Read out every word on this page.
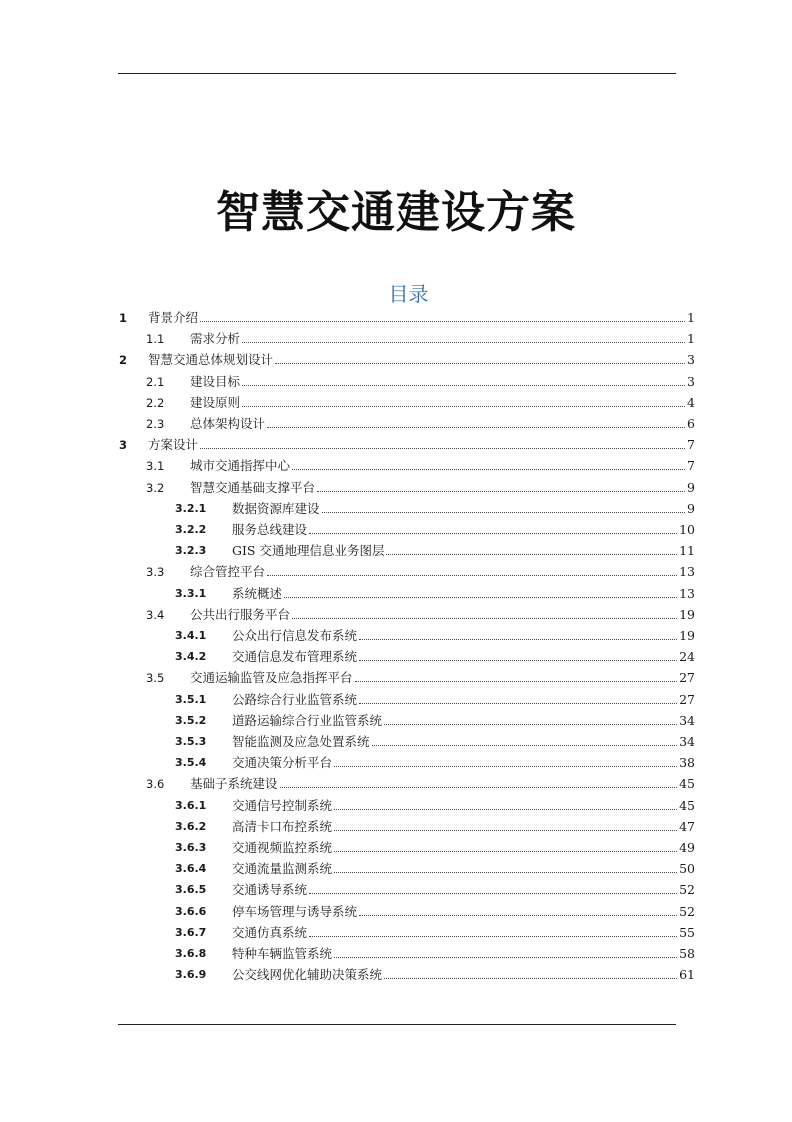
智慧交通建设方案
目录
1 背景介绍	1
1.1 需求分析	1
2 智慧交通总体规划设计	3
2.1 建设目标	3
2.2 建设原则	4
2.3 总体架构设计	6
3 方案设计	7
3.1 城市交通指挥中心	7
3.2 智慧交通基础支撑平台	9
3.2.1 数据资源库建设	9
3.2.2 服务总线建设	10
3.2.3 GIS 交通地理信息业务图层	11
3.3 综合管控平台	13
3.3.1 系统概述	13
3.4 公共出行服务平台	19
3.4.1 公众出行信息发布系统	19
3.4.2 交通信息发布管理系统	24
3.5 交通运输监管及应急指挥平台	27
3.5.1 公路综合行业监管系统	27
3.5.2 道路运输综合行业监管系统	34
3.5.3 智能监测及应急处置系统	34
3.5.4 交通决策分析平台	38
3.6 基础子系统建设	45
3.6.1 交通信号控制系统	45
3.6.2 高清卡口布控系统	47
3.6.3 交通视频监控系统	49
3.6.4 交通流量监测系统	50
3.6.5 交通诱导系统	52
3.6.6 停车场管理与诱导系统	52
3.6.7 交通仿真系统	55
3.6.8 特种车辆监管系统	58
3.6.9 公交线网优化辅助决策系统	61
